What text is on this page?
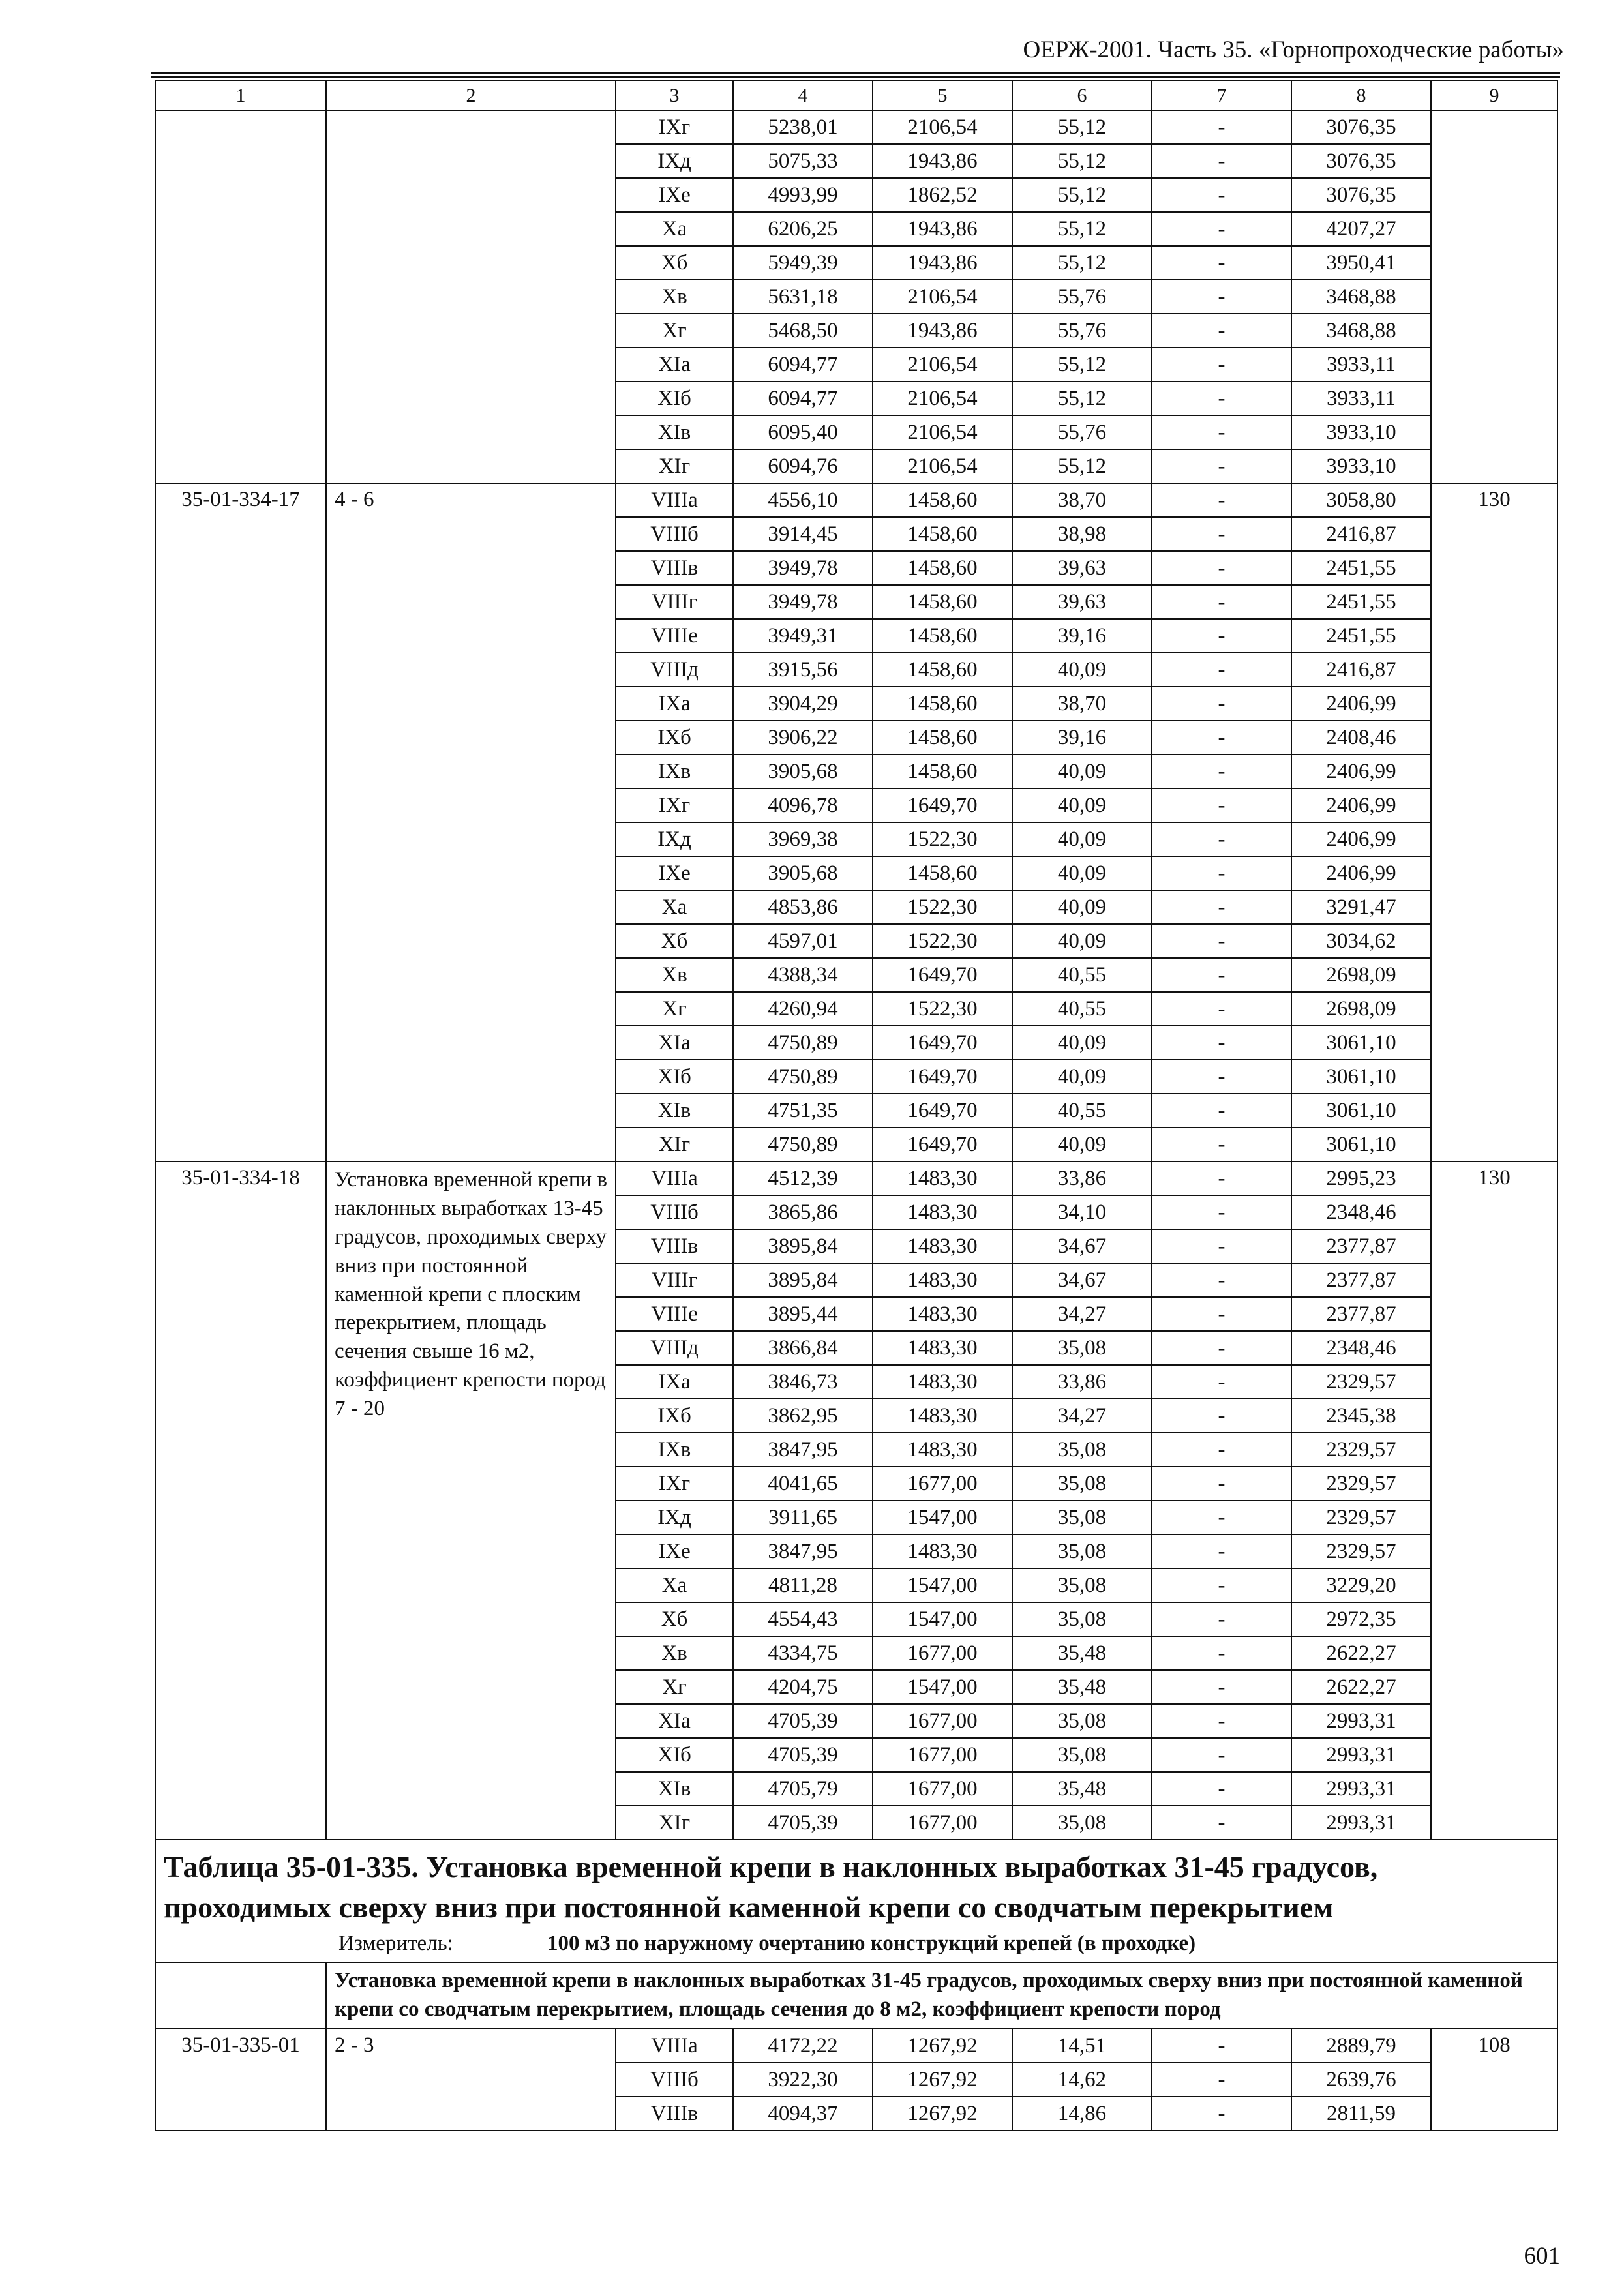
ОЕРЖ-2001. Часть 35. «Горнопроходческие работы»
1	2	3	4	5	6	7	8	9
		IXг	5238,01	2106,54	55,12	-	3076,35	
		IXд	5075,33	1943,86	55,12	-	3076,35	
		IXе	4993,99	1862,52	55,12	-	3076,35	
		Xа	6206,25	1943,86	55,12	-	4207,27	
		Xб	5949,39	1943,86	55,12	-	3950,41	
		Xв	5631,18	2106,54	55,76	-	3468,88	
		Xг	5468,50	1943,86	55,76	-	3468,88	
		XIа	6094,77	2106,54	55,12	-	3933,11	
		XIб	6094,77	2106,54	55,12	-	3933,11	
		XIв	6095,40	2106,54	55,76	-	3933,10	
		XIг	6094,76	2106,54	55,12	-	3933,10	
35-01-334-17	4 - 6	VIIIа	4556,10	1458,60	38,70	-	3058,80	130
		VIIIб	3914,45	1458,60	38,98	-	2416,87	
		VIIIв	3949,78	1458,60	39,63	-	2451,55	
		VIIIг	3949,78	1458,60	39,63	-	2451,55	
		VIIIе	3949,31	1458,60	39,16	-	2451,55	
		VIIIд	3915,56	1458,60	40,09	-	2416,87	
		IXа	3904,29	1458,60	38,70	-	2406,99	
		IXб	3906,22	1458,60	39,16	-	2408,46	
		IXв	3905,68	1458,60	40,09	-	2406,99	
		IXг	4096,78	1649,70	40,09	-	2406,99	
		IXд	3969,38	1522,30	40,09	-	2406,99	
		IXе	3905,68	1458,60	40,09	-	2406,99	
		Xа	4853,86	1522,30	40,09	-	3291,47	
		Xб	4597,01	1522,30	40,09	-	3034,62	
		Xв	4388,34	1649,70	40,55	-	2698,09	
		Xг	4260,94	1522,30	40,55	-	2698,09	
		XIа	4750,89	1649,70	40,09	-	3061,10	
		XIб	4750,89	1649,70	40,09	-	3061,10	
		XIв	4751,35	1649,70	40,55	-	3061,10	
		XIг	4750,89	1649,70	40,09	-	3061,10	
35-01-334-18	Установка временной крепи в наклонных выработках 13-45 градусов, проходимых сверху вниз при постоянной каменной крепи с плоским перекрытием, площадь сечения свыше 16 м2, коэффициент крепости пород 7 - 20	VIIIа	4512,39	1483,30	33,86	-	2995,23	130
		VIIIб	3865,86	1483,30	34,10	-	2348,46	
		VIIIв	3895,84	1483,30	34,67	-	2377,87	
		VIIIг	3895,84	1483,30	34,67	-	2377,87	
		VIIIе	3895,44	1483,30	34,27	-	2377,87	
		VIIIд	3866,84	1483,30	35,08	-	2348,46	
		IXа	3846,73	1483,30	33,86	-	2329,57	
		IXб	3862,95	1483,30	34,27	-	2345,38	
		IXв	3847,95	1483,30	35,08	-	2329,57	
		IXг	4041,65	1677,00	35,08	-	2329,57	
		IXд	3911,65	1547,00	35,08	-	2329,57	
		IXе	3847,95	1483,30	35,08	-	2329,57	
		Xа	4811,28	1547,00	35,08	-	3229,20	
		Xб	4554,43	1547,00	35,08	-	2972,35	
		Xв	4334,75	1677,00	35,48	-	2622,27	
		Xг	4204,75	1547,00	35,48	-	2622,27	
		XIа	4705,39	1677,00	35,08	-	2993,31	
		XIб	4705,39	1677,00	35,08	-	2993,31	
		XIв	4705,79	1677,00	35,48	-	2993,31	
		XIг	4705,39	1677,00	35,08	-	2993,31	

Таблица 35-01-335. Установка временной крепи в наклонных выработках 31-45 градусов, проходимых сверху вниз при постоянной каменной крепи со сводчатым перекрытием
Измеритель: 100 м3 по наружному очертанию конструкций крепей (в проходке)								

	Установка временной крепи в наклонных выработках 31-45 градусов, проходимых сверху вниз при постоянной каменной крепи со сводчатым перекрытием, площадь сечения до 8 м2, коэффициент крепости пород							
35-01-335-01	2 - 3	VIIIа	4172,22	1267,92	14,51	-	2889,79	108
		VIIIб	3922,30	1267,92	14,62	-	2639,76	
		VIIIв	4094,37	1267,92	14,86	-	2811,59	
601
